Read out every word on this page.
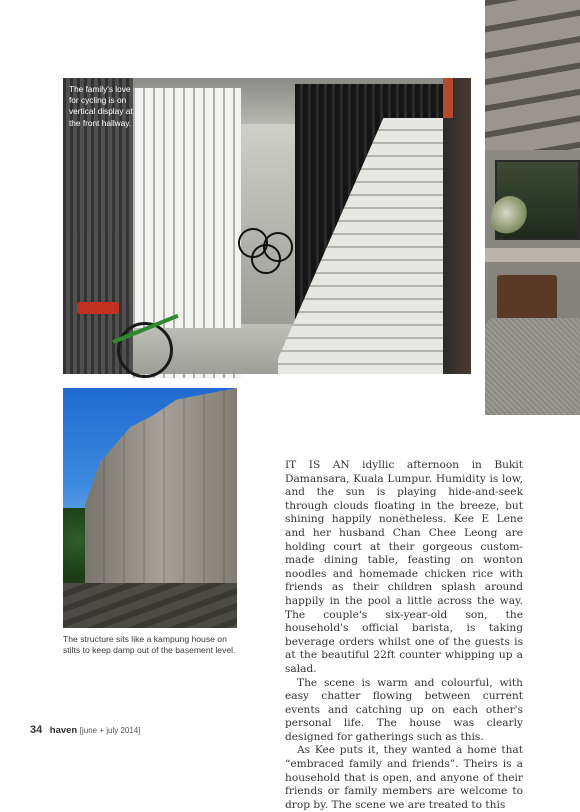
The family's love for cycling is on vertical display at the front hallway.
The structure sits like a kampung house on stilts to keep damp out of the basement level.

IT IS AN idyllic afternoon in Bukit Damansara, Kuala Lumpur. Humidity is low, and the sun is playing hide-and-seek through clouds floating in the breeze, but shining happily nonetheless. Kee E Lene and her husband Chan Chee Leong are holding court at their gorgeous custom-made dining table, feasting on wonton noodles and homemade chicken rice with friends as their children splash around happily in the pool a little across the way. The couple's six-year-old son, the household's official barista, is taking beverage orders whilst one of the guests is at the beautiful 22ft counter whipping up a salad.

The scene is warm and colourful, with easy chatter flowing between current events and catching up on each other's personal life. The house was clearly designed for gatherings such as this.

As Kee puts it, they wanted a home that “embraced family and friends”. Theirs is a household that is open, and anyone of their friends or family members are welcome to drop by. The scene we are treated to this

34 haven [june + july 2014]
